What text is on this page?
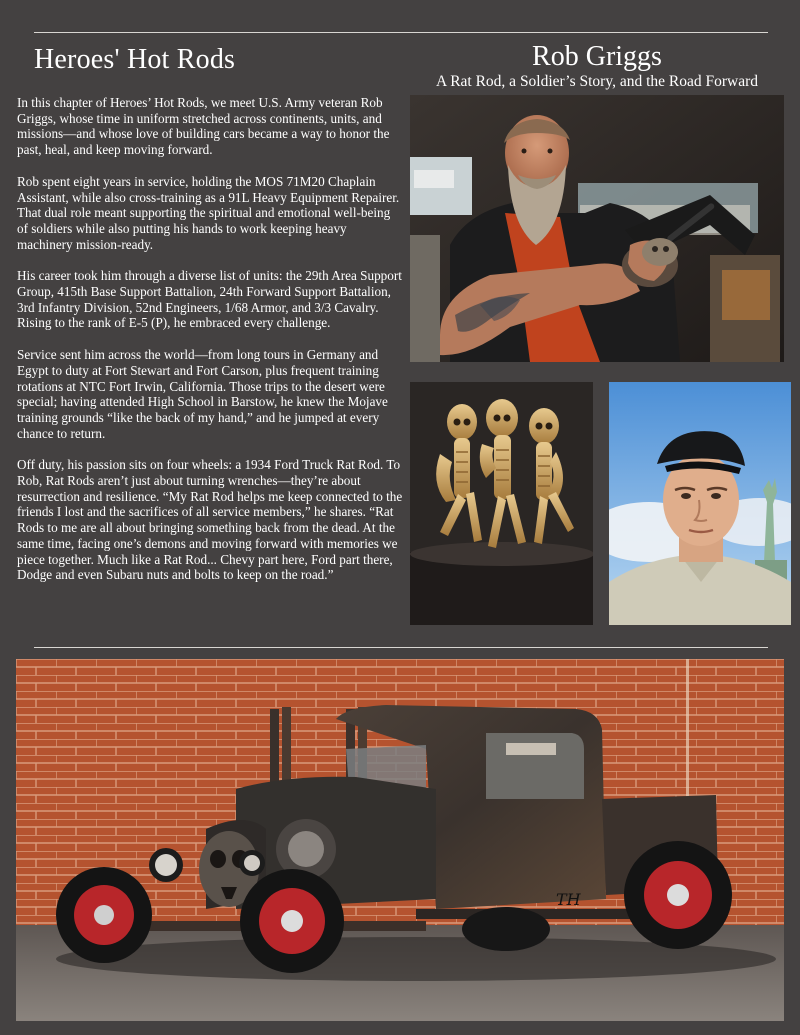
Heroes' Hot Rods	Rob Griggs
A Rat Rod, a Soldier’s Story, and the Road Forward

In this chapter of Heroes’ Hot Rods, we meet U.S. Army veteran Rob Griggs, whose time in uniform stretched across continents, units, and missions—and whose love of building cars became a way to honor the past, heal, and keep moving forward.

Rob spent eight years in service, holding the MOS 71M20 Chaplain Assistant, while also cross-training as a 91L Heavy Equipment Repairer. That dual role meant supporting the spiritual and emotional well-being of soldiers while also putting his hands to work keeping heavy machinery mission-ready.

His career took him through a diverse list of units: the 29th Area Support Group, 415th Base Support Battalion, 24th Forward Support Battalion, 3rd Infantry Division, 52nd Engineers, 1/68 Armor, and 3/3 Cavalry. Rising to the rank of E-5 (P), he embraced every challenge.

Service sent him across the world—from long tours in Germany and Egypt to duty at Fort Stewart and Fort Carson, plus frequent training rotations at NTC Fort Irwin, California. Those trips to the desert were special; having attended High School in Barstow, he knew the Mojave training grounds “like the back of my hand,” and he jumped at every chance to return.

Off duty, his passion sits on four wheels: a 1934 Ford Truck Rat Rod. To Rob, Rat Rods aren’t just about turning wrenches—they’re about resurrection and resilience. “My Rat Rod helps me keep connected to the friends I lost and the sacrifices of all service members,” he shares. “Rat Rods to me are all about bringing something back from the dead. At the same time, facing one’s demons and moving forward with memories we piece together. Much like a Rat Rod... Chevy part here, Ford part there, Dodge and even Subaru nuts and bolts to keep on the road.”

TH
